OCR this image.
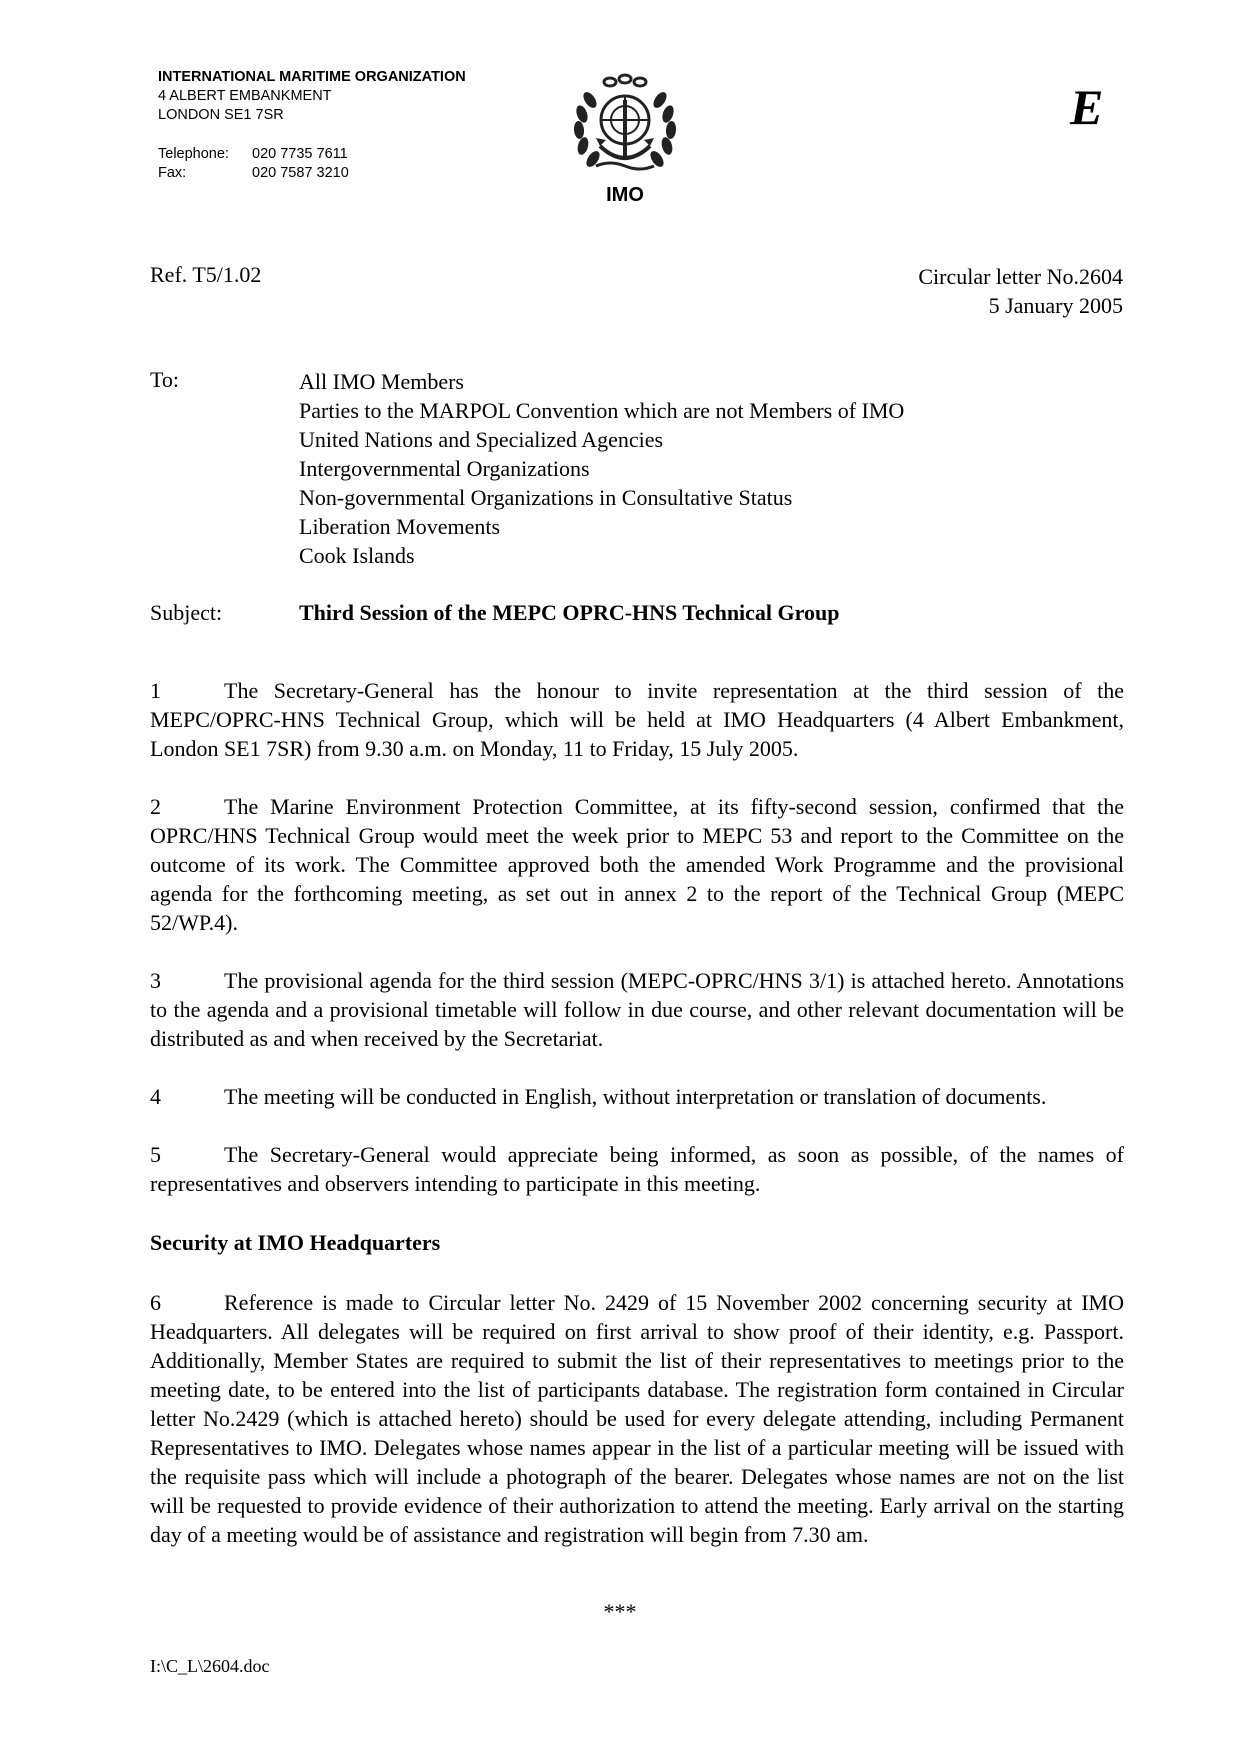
INTERNATIONAL MARITIME ORGANIZATION
4 ALBERT EMBANKMENT
LONDON SE1 7SR
Telephone:	020 7735 7611
Fax:	020 7587 3210
IMO
E
Ref. T5/1.02	Circular letter No.2604
5 January 2005
To:	All IMO Members
Parties to the MARPOL Convention which are not Members of IMO
United Nations and Specialized Agencies
Intergovernmental Organizations
Non-governmental Organizations in Consultative Status
Liberation Movements
Cook Islands
Subject:	Third Session of the MEPC OPRC-HNS Technical Group
1	The Secretary-General has the honour to invite representation at the third session of the MEPC/OPRC-HNS Technical Group, which will be held at IMO Headquarters (4 Albert Embankment, London SE1 7SR) from 9.30 a.m. on Monday, 11 to Friday, 15 July 2005.
2	The Marine Environment Protection Committee, at its fifty-second session, confirmed that the OPRC/HNS Technical Group would meet the week prior to MEPC 53 and report to the Committee on the outcome of its work. The Committee approved both the amended Work Programme and the provisional agenda for the forthcoming meeting, as set out in annex 2 to the report of the Technical Group (MEPC 52/WP.4).
3	The provisional agenda for the third session (MEPC-OPRC/HNS 3/1) is attached hereto. Annotations to the agenda and a provisional timetable will follow in due course, and other relevant documentation will be distributed as and when received by the Secretariat.
4	The meeting will be conducted in English, without interpretation or translation of documents.
5	The Secretary-General would appreciate being informed, as soon as possible, of the names of representatives and observers intending to participate in this meeting.
Security at IMO Headquarters
6	Reference is made to Circular letter No. 2429 of 15 November 2002 concerning security at IMO Headquarters. All delegates will be required on first arrival to show proof of their identity, e.g. Passport. Additionally, Member States are required to submit the list of their representatives to meetings prior to the meeting date, to be entered into the list of participants database. The registration form contained in Circular letter No.2429 (which is attached hereto) should be used for every delegate attending, including Permanent Representatives to IMO. Delegates whose names appear in the list of a particular meeting will be issued with the requisite pass which will include a photograph of the bearer. Delegates whose names are not on the list will be requested to provide evidence of their authorization to attend the meeting. Early arrival on the starting day of a meeting would be of assistance and registration will begin from 7.30 am.
***
I:\C_L\2604.doc
